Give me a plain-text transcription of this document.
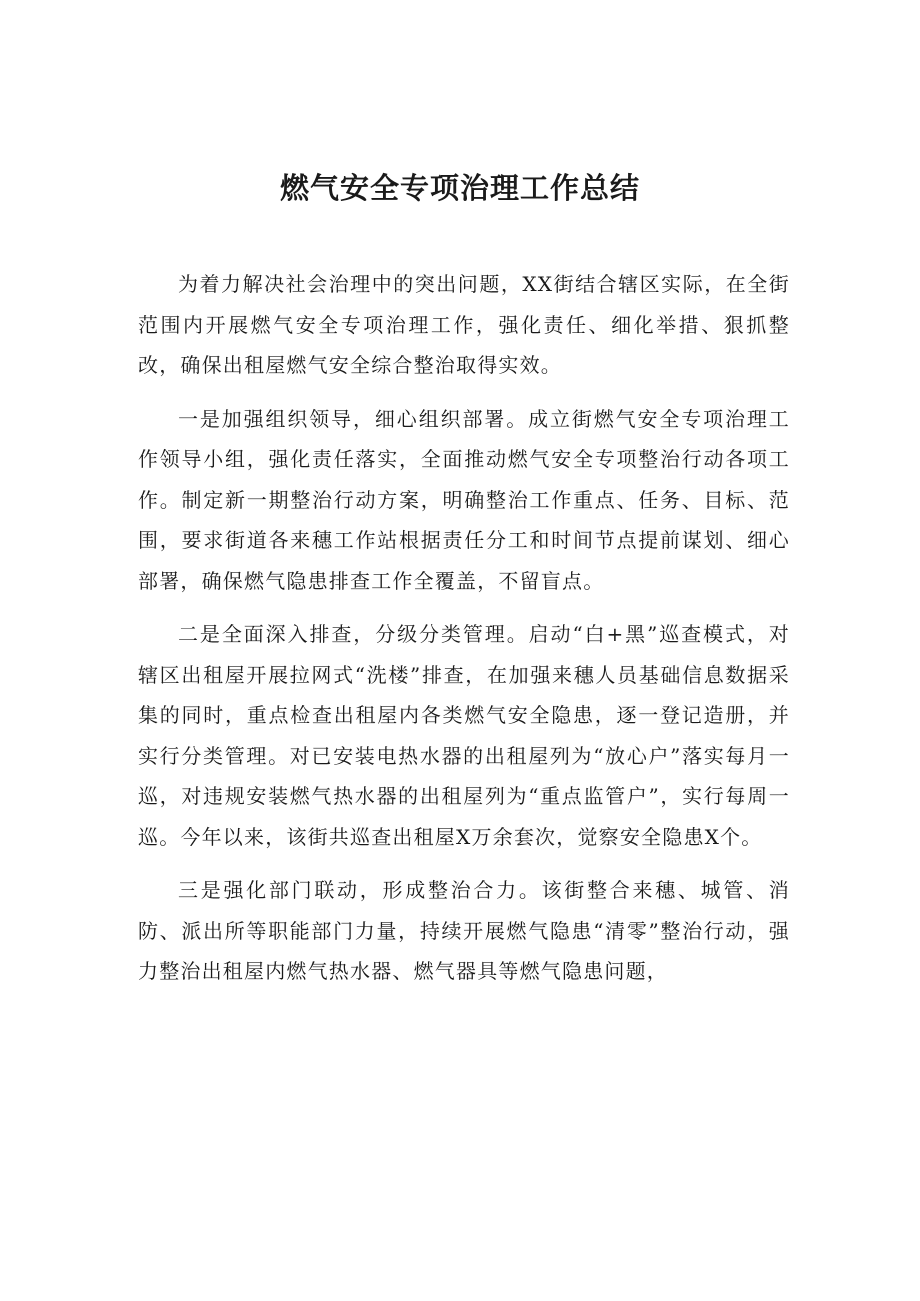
燃气安全专项治理工作总结

为着力解决社会治理中的突出问题，XX街结合辖区实际，在全街范围内开展燃气安全专项治理工作，强化责任、细化举措、狠抓整改，确保出租屋燃气安全综合整治取得实效。

一是加强组织领导，细心组织部署。成立街燃气安全专项治理工作领导小组，强化责任落实，全面推动燃气安全专项整治行动各项工作。制定新一期整治行动方案，明确整治工作重点、任务、目标、范围，要求街道各来穗工作站根据责任分工和时间节点提前谋划、细心部署，确保燃气隐患排查工作全覆盖，不留盲点。

二是全面深入排查，分级分类管理。启动“白+黑”巡查模式，对辖区出租屋开展拉网式“洗楼”排查，在加强来穗人员基础信息数据采集的同时，重点检查出租屋内各类燃气安全隐患，逐一登记造册，并实行分类管理。对已安装电热水器的出租屋列为“放心户”落实每月一巡，对违规安装燃气热水器的出租屋列为“重点监管户”，实行每周一巡。今年以来，该街共巡查出租屋X万余套次，觉察安全隐患X个。

三是强化部门联动，形成整治合力。该街整合来穗、城管、消防、派出所等职能部门力量，持续开展燃气隐患“清零”整治行动，强力整治出租屋内燃气热水器、燃气器具等燃气隐患问题，
